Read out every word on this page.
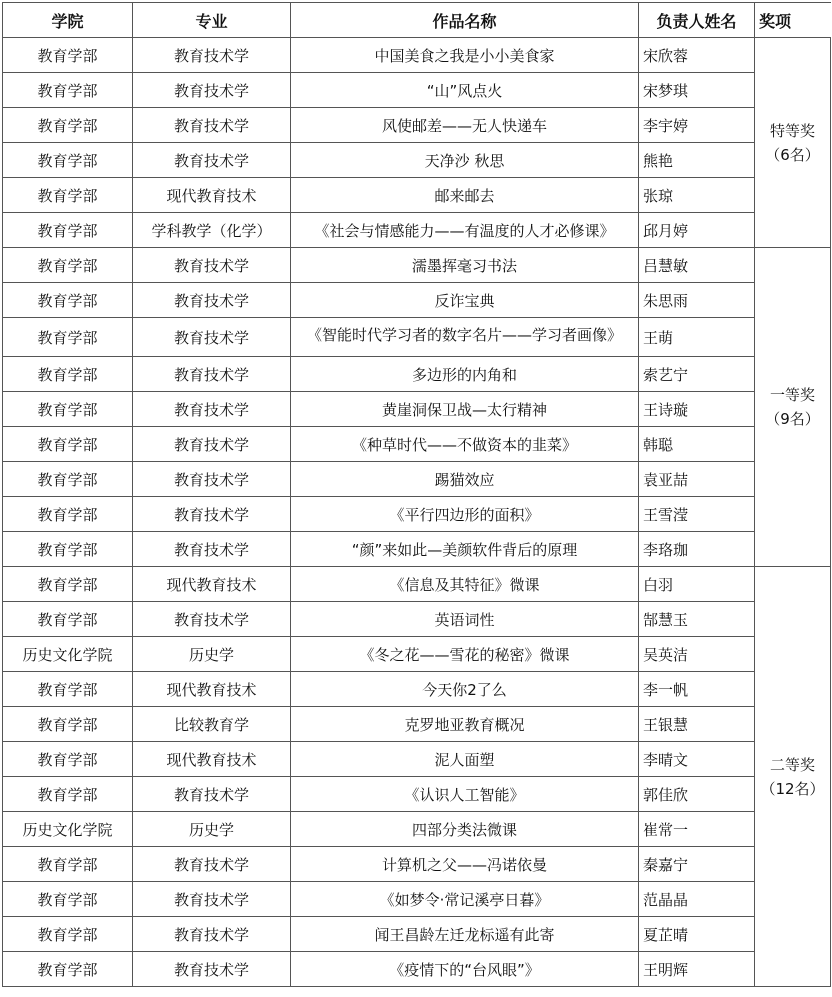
学院	专业	作品名称	负责人姓名	奖项
教育学部	教育技术学	中国美食之我是小小美食家	宋欣蓉	特等奖
（6名）

教育学部	教育技术学	“山”风点火	宋梦琪	
教育学部	教育技术学	风使邮差——无人快递车	李宇婷	
教育学部	教育技术学	天净沙 秋思	熊艳	
教育学部	现代教育技术	邮来邮去	张琼	
教育学部	学科教学（化学）	《社会与情感能力——有温度的人才必修课》	邱月婷	
教育学部	教育技术学	濡墨挥毫习书法	吕慧敏	一等奖
（9名）

教育学部	教育技术学	反诈宝典	朱思雨	
教育学部	教育技术学	《智能时代学习者的数字名片——学习者画像》	王萌	
教育学部	教育技术学	多边形的内角和	索艺宁	
教育学部	教育技术学	黄崖洞保卫战—太行精神	王诗璇	
教育学部	教育技术学	《种草时代——不做资本的韭菜》	韩聪	
教育学部	教育技术学	踢猫效应	袁亚喆	
教育学部	教育技术学	《平行四边形的面积》	王雪滢	
教育学部	教育技术学	“颜”来如此—美颜软件背后的原理	李珞珈	
教育学部	现代教育技术	《信息及其特征》微课	白羽	二等奖
（12名）

教育学部	教育技术学	英语词性	郜慧玉	
历史文化学院	历史学	《冬之花——雪花的秘密》微课	吴英洁	
教育学部	现代教育技术	今天你2了么	李一帆	
教育学部	比较教育学	克罗地亚教育概况	王银慧	
教育学部	现代教育技术	泥人面塑	李晴文	
教育学部	教育技术学	《认识人工智能》	郭佳欣	
历史文化学院	历史学	四部分类法微课	崔常一	
教育学部	教育技术学	计算机之父——冯诺依曼	秦嘉宁	
教育学部	教育技术学	《如梦令·常记溪亭日暮》	范晶晶	
教育学部	教育技术学	闻王昌龄左迁龙标遥有此寄	夏芷晴	
教育学部	教育技术学	《疫情下的“台风眼”》	王明辉	
